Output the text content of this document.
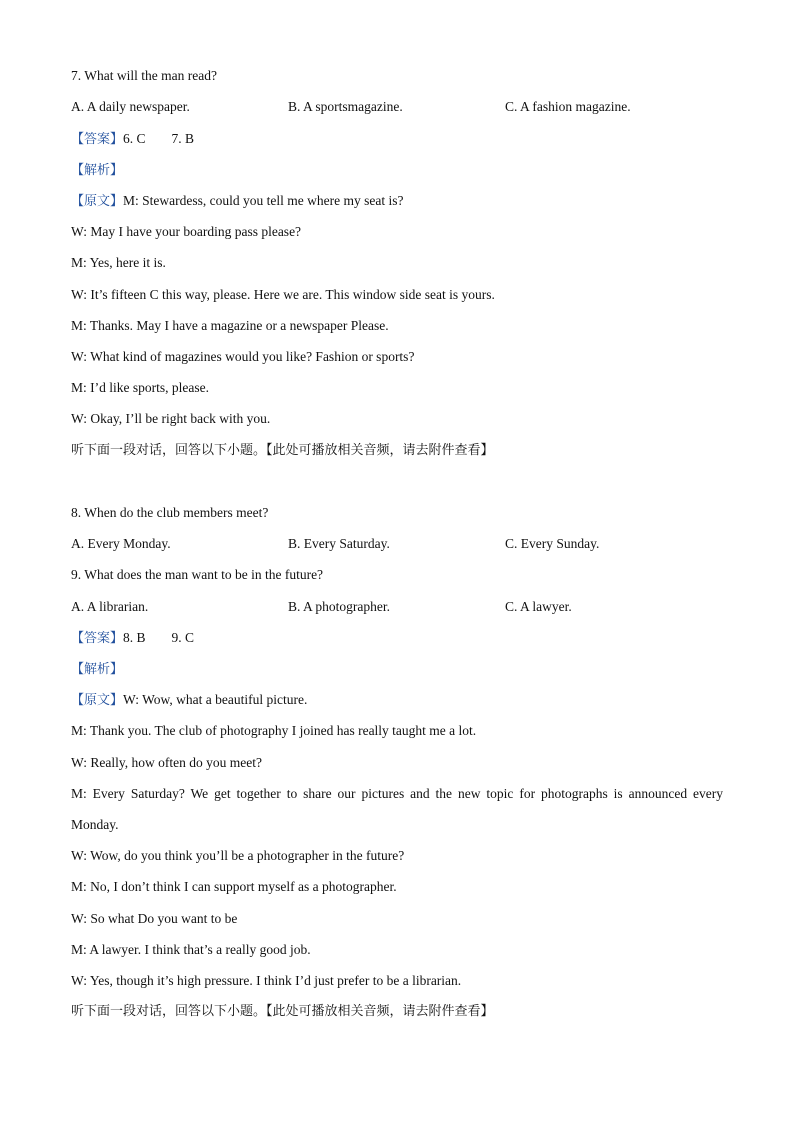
7. What will the man read?
A. A daily newspaper.	B. A sportsmagazine.	C. A fashion magazine.
【答案】6. C 7. B
【解析】
【原文】M: Stewardess, could you tell me where my seat is?
W: May I have your boarding pass please?
M: Yes, here it is.
W: It’s fifteen C this way, please. Here we are. This window side seat is yours.
M: Thanks. May I have a magazine or a newspaper Please.
W: What kind of magazines would you like? Fashion or sports?
M: I’d like sports, please.
W: Okay, I’ll be right back with you.
听下面一段对话，回答以下小题。【此处可播放相关音频，请去附件查看】
8. When do the club members meet?
A. Every Monday.	B. Every Saturday.	C. Every Sunday.
9. What does the man want to be in the future?
A. A librarian.	B. A photographer.	C. A lawyer.
【答案】8. B 9. C
【解析】
【原文】W: Wow, what a beautiful picture.
M: Thank you. The club of photography I joined has really taught me a lot.
W: Really, how often do you meet?
M: Every Saturday? We get together to share our pictures and the new topic for photographs is announced every Monday.
W: Wow, do you think you’ll be a photographer in the future?
M: No, I don’t think I can support myself as a photographer.
W: So what Do you want to be
M: A lawyer. I think that’s a really good job.
W: Yes, though it’s high pressure. I think I’d just prefer to be a librarian.
听下面一段对话，回答以下小题。【此处可播放相关音频，请去附件查看】
